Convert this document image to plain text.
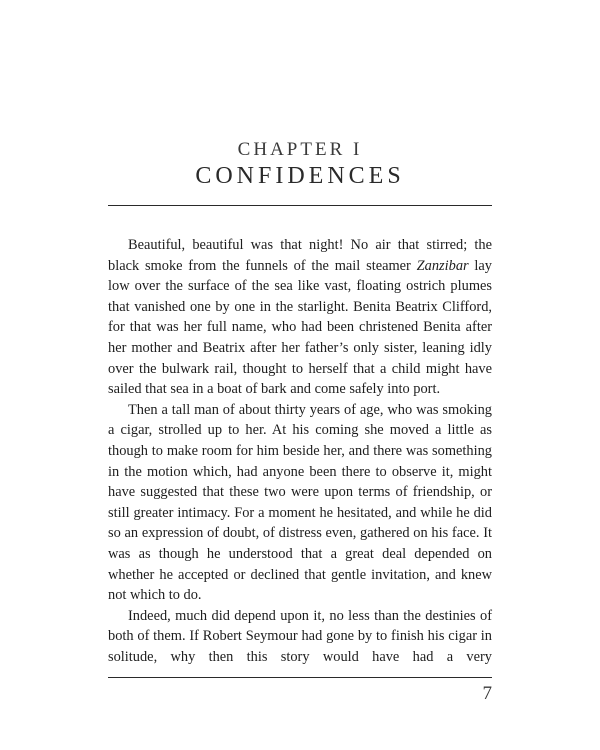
CHAPTER I
CONFIDENCES

Beautiful, beautiful was that night! No air that stirred; the black smoke from the funnels of the mail steamer Zanzibar lay low over the surface of the sea like vast, floating ostrich plumes that vanished one by one in the starlight. Benita Beatrix Clifford, for that was her full name, who had been christened Benita after her mother and Beatrix after her father’s only sister, leaning idly over the bulwark rail, thought to herself that a child might have sailed that sea in a boat of bark and come safely into port.

Then a tall man of about thirty years of age, who was smoking a cigar, strolled up to her. At his coming she moved a little as though to make room for him beside her, and there was something in the motion which, had anyone been there to observe it, might have suggested that these two were upon terms of friendship, or still greater intimacy. For a moment he hesitated, and while he did so an expression of doubt, of distress even, gathered on his face. It was as though he understood that a great deal depended on whether he accepted or declined that gentle invitation, and knew not which to do.

Indeed, much did depend upon it, no less than the destinies of both of them. If Robert Seymour had gone by to finish his cigar in solitude, why then this story would have had a very

7
